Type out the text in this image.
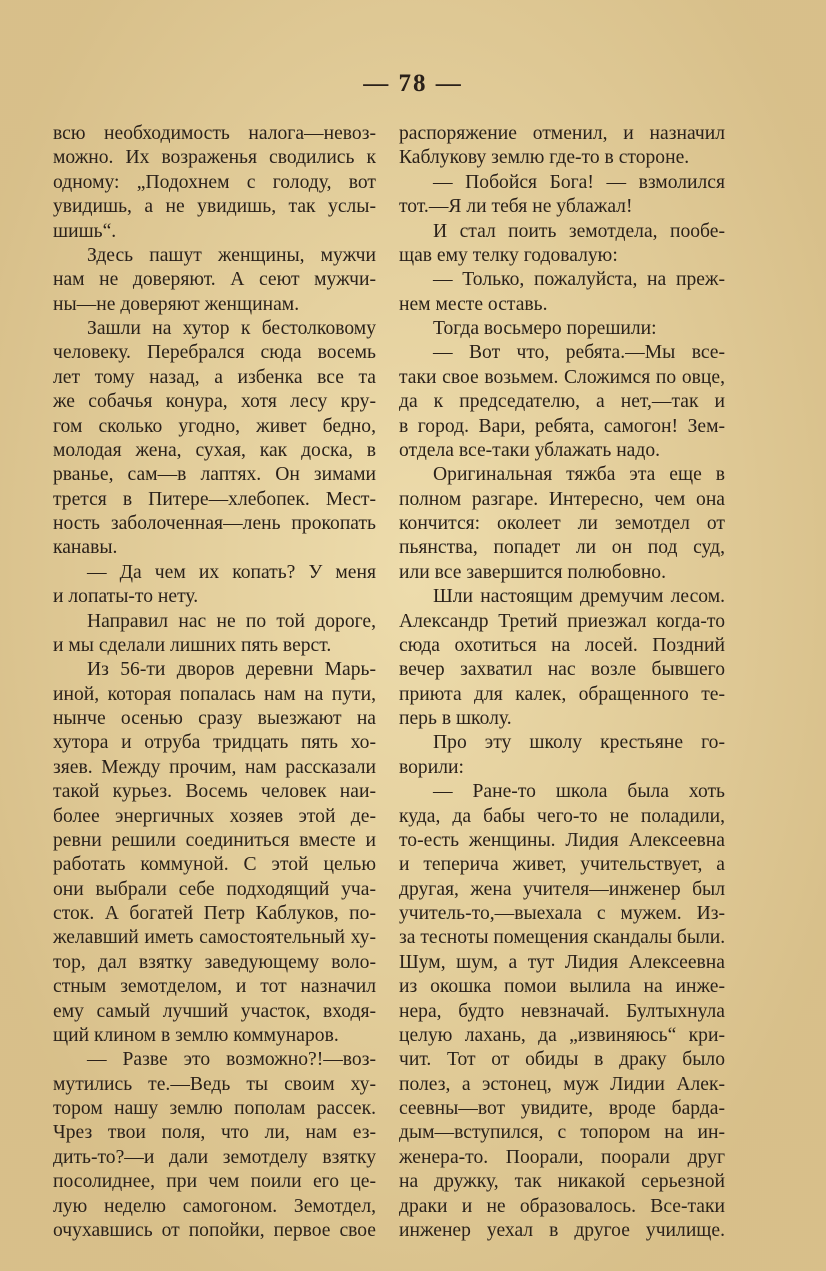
— 78 —
всю необходимость налога—невоз-
можно. Их возраженья сводились к
одному: „Подохнем с голоду, вот
увидишь, а не увидишь, так услы-
шишь“.
Здесь пашут женщины, мужчи
нам не доверяют. А сеют мужчи-
ны—не доверяют женщинам.
Зашли на хутор к бестолковому
человеку. Перебрался сюда восемь
лет тому назад, а избенка все та
же собачья конура, хотя лесу кру-
гом сколько угодно, живет бедно,
молодая жена, сухая, как доска, в
рванье, сам—в лаптях. Он зимами
трется в Питере—хлебопек. Мест-
ность заболоченная—лень прокопать
канавы.
— Да чем их копать? У меня
и лопаты-то нету.
Направил нас не по той дороге,
и мы сделали лишних пять верст.
Из 56-ти дворов деревни Марь-
иной, которая попалась нам на пути,
нынче осенью сразу выезжают на
хутора и отруба тридцать пять хо-
зяев. Между прочим, нам рассказали
такой курьез. Восемь человек наи-
более энергичных хозяев этой де-
ревни решили соединиться вместе и
работать коммуной. С этой целью
они выбрали себе подходящий уча-
сток. А богатей Петр Каблуков, по-
желавший иметь самостоятельный ху-
тор, дал взятку заведующему воло-
стным земотделом, и тот назначил
ему самый лучший участок, входя-
щий клином в землю коммунаров.
— Разве это возможно?!—воз-
мутились те.—Ведь ты своим ху-
тором нашу землю пополам рассек.
Чрез твои поля, что ли, нам ез-
дить-то?—и дали земотделу взятку
посолиднее, при чем поили его це-
лую неделю самогоном. Земотдел,
очухавшись от попойки, первое свое
распоряжение отменил, и назначил
Каблукову землю где-то в стороне.
— Побойся Бога! — взмолился
тот.—Я ли тебя не ублажал!
И стал поить земотдела, пообе-
щав ему телку годовалую:
— Только, пожалуйста, на преж-
нем месте оставь.
Тогда восьмеро порешили:
— Вот что, ребята.—Мы все-
таки свое возьмем. Сложимся по овце,
да к председателю, а нет,—так и
в город. Вари, ребята, самогон! Зем-
отдела все-таки ублажать надо.
Оригинальная тяжба эта еще в
полном разгаре. Интересно, чем она
кончится: околеет ли земотдел от
пьянства, попадет ли он под суд,
или все завершится полюбовно.
Шли настоящим дремучим лесом.
Александр Третий приезжал когда-то
сюда охотиться на лосей. Поздний
вечер захватил нас возле бывшего
приюта для калек, обращенного те-
перь в школу.
Про эту школу крестьяне го-
ворили:
— Ране-то школа была хоть
куда, да бабы чего-то не поладили,
то-есть женщины. Лидия Алексеевна
и теперича живет, учительствует, а
другая, жена учителя—инженер был
учитель-то,—выехала с мужем. Из-
за тесноты помещения скандалы были.
Шум, шум, а тут Лидия Алексеевна
из окошка помои вылила на инже-
нера, будто невзначай. Бултыхнула
целую лахань, да „извиняюсь“ кри-
чит. Тот от обиды в драку было
полез, а эстонец, муж Лидии Алек-
сеевны—вот увидите, вроде барда-
дым—вступился, с топором на ин-
женера-то. Поорали, поорали друг
на дружку, так никакой серьезной
драки и не образовалось. Все-таки
инженер уехал в другое училище.
